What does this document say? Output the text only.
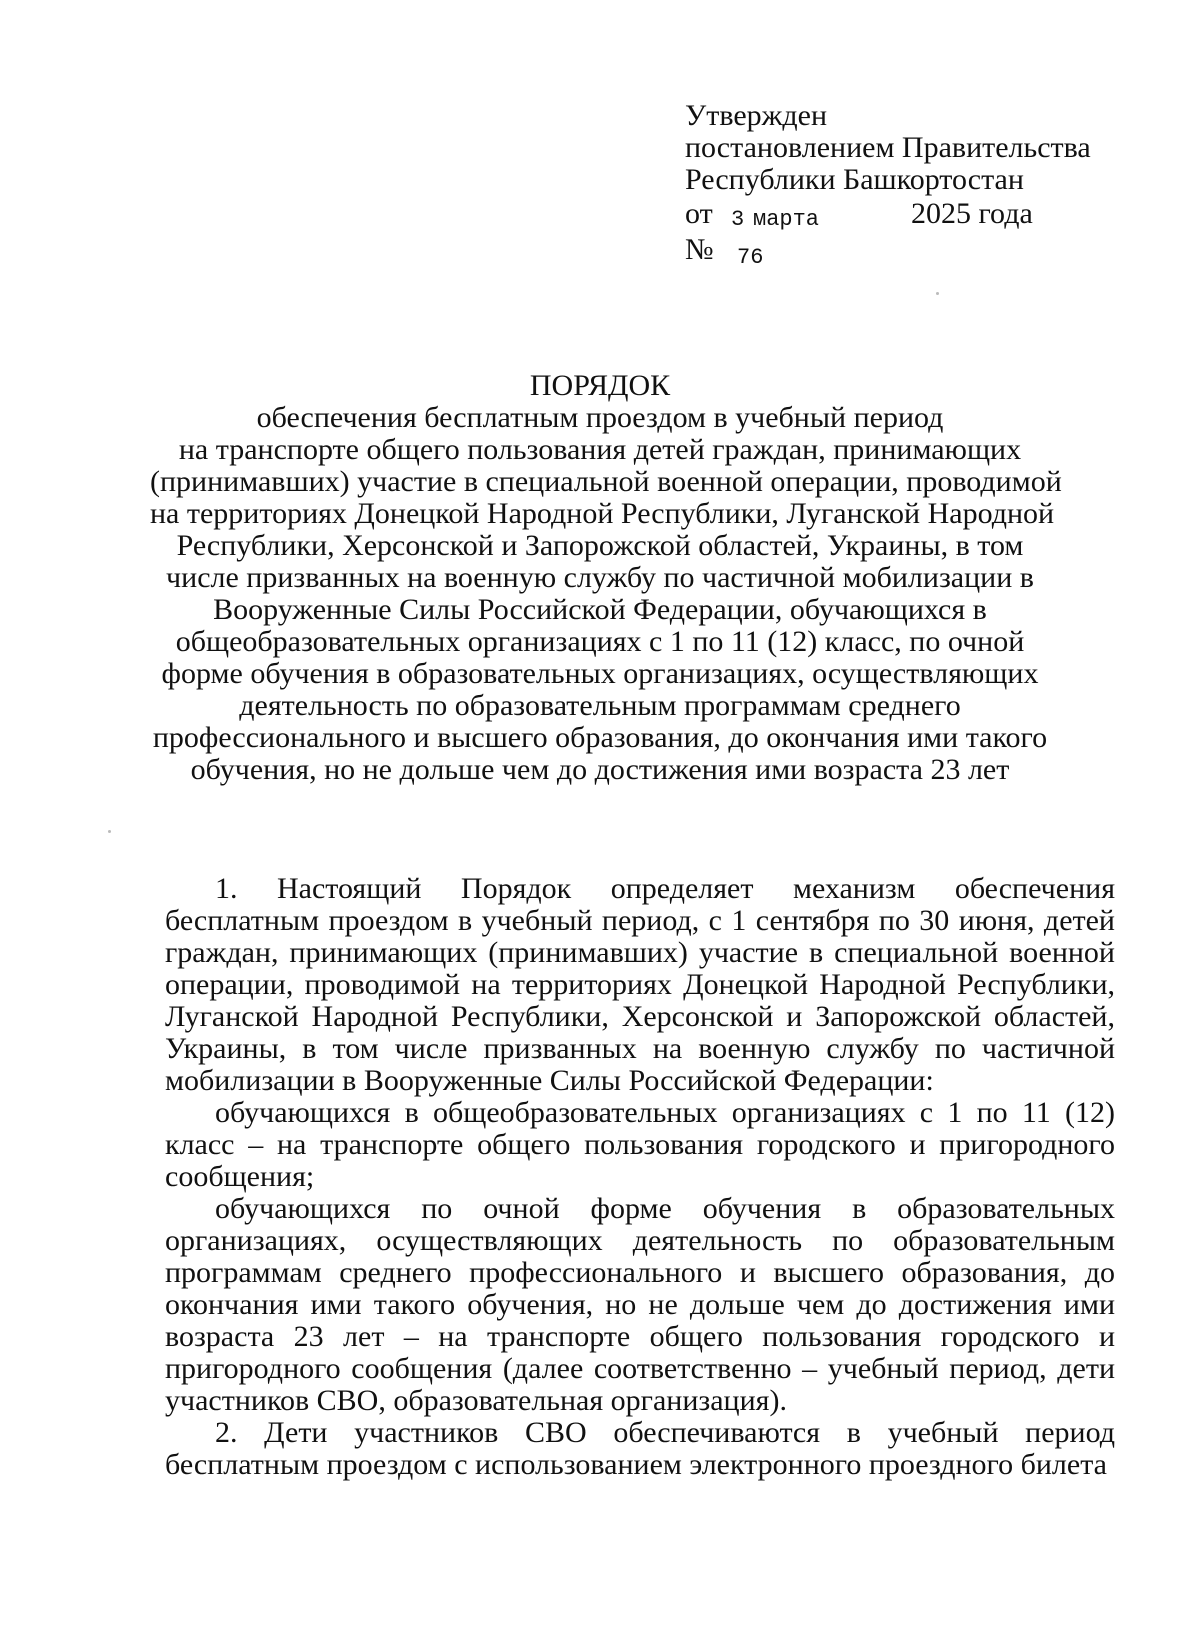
Утвержден
постановлением Правительства
Республики Башкортостан
от 3 марта	2025 года
№ 76
ПОРЯДОК
обеспечения бесплатным проездом в учебный период
на транспорте общего пользования детей граждан, принимающих
(принимавших) участие в специальной военной операции, проводимой
на территориях Донецкой Народной Республики, Луганской Народной
Республики, Херсонской и Запорожской областей, Украины, в том
числе призванных на военную службу по частичной мобилизации в
Вооруженные Силы Российской Федерации, обучающихся в
общеобразовательных организациях с 1 по 11 (12) класс, по очной
форме обучения в образовательных организациях, осуществляющих
деятельность по образовательным программам среднего
профессионального и высшего образования, до окончания ими такого
обучения, но не дольше чем до достижения ими возраста 23 лет

1. Настоящий Порядок определяет механизм обеспечения бесплатным проездом в учебный период, с 1 сентября по 30 июня, детей граждан, принимающих (принимавших) участие в специальной военной операции, проводимой на территориях Донецкой Народной Республики, Луганской Народной Республики, Херсонской и Запорожской областей, Украины, в том числе призванных на военную службу по частичной мобилизации в Вооруженные Силы Российской Федерации:

обучающихся в общеобразовательных организациях с 1 по 11 (12) класс – на транспорте общего пользования городского и пригородного сообщения;

обучающихся по очной форме обучения в образовательных организациях, осуществляющих деятельность по образовательным программам среднего профессионального и высшего образования, до окончания ими такого обучения, но не дольше чем до достижения ими возраста 23 лет – на транспорте общего пользования городского и пригородного сообщения (далее соответственно – учебный период, дети участников СВО, образовательная организация).

2. Дети участников СВО обеспечиваются в учебный период бесплатным проездом с использованием электронного проездного билета
